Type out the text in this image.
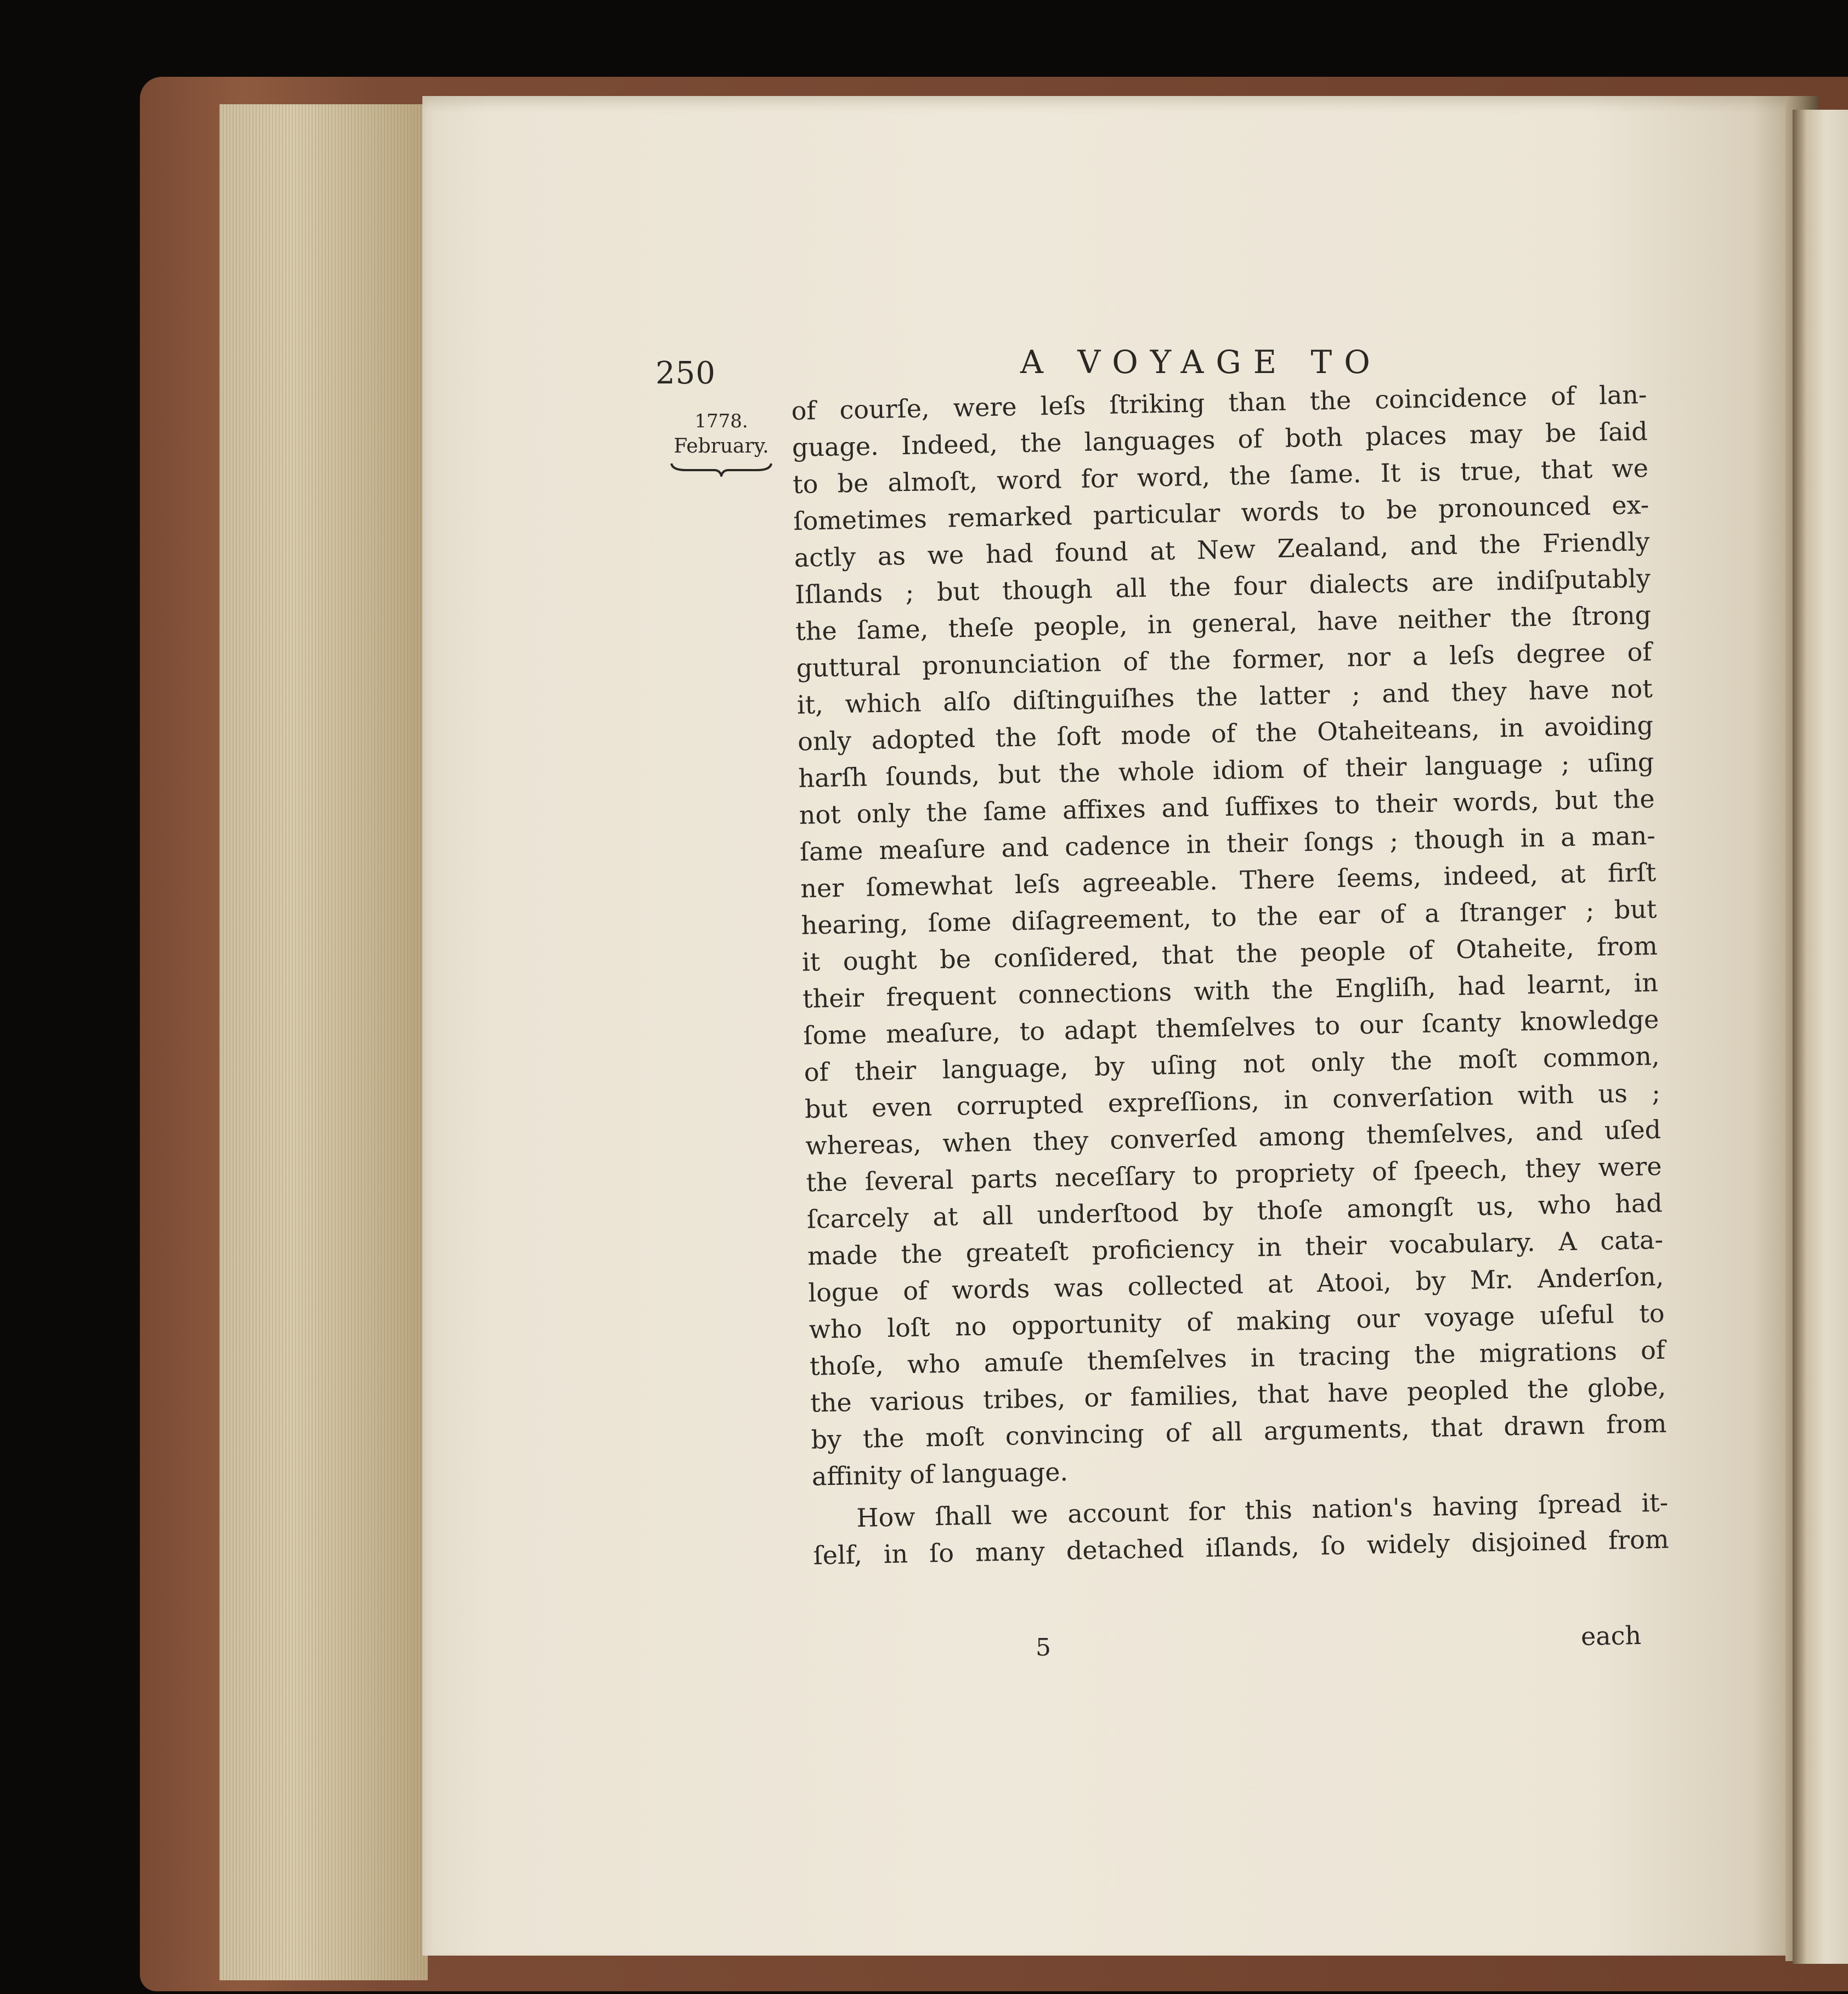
250	A VOYAGE TO
1778.
February.
of courſe, were leſs ſtriking than the coincidence of lan-
guage. Indeed, the languages of both places may be ſaid
to be almoſt, word for word, the ſame. It is true, that we
ſometimes remarked particular words to be pronounced ex-
actly as we had found at New Zealand, and the Friendly
Iſlands ; but though all the four dialects are indiſputably
the ſame, theſe people, in general, have neither the ſtrong
guttural pronunciation of the former, nor a leſs degree of
it, which alſo diſtinguiſhes the latter ; and they have not
only adopted the ſoft mode of the Otaheiteans, in avoiding
harſh ſounds, but the whole idiom of their language ; uſing
not only the ſame affixes and ſuffixes to their words, but the
ſame meaſure and cadence in their ſongs ; though in a man-
ner ſomewhat leſs agreeable. There ſeems, indeed, at firſt
hearing, ſome diſagreement, to the ear of a ſtranger ; but
it ought be conſidered, that the people of Otaheite, from
their frequent connections with the Engliſh, had learnt, in
ſome meaſure, to adapt themſelves to our ſcanty knowledge
of their language, by uſing not only the moſt common,
but even corrupted expreſſions, in converſation with us ;
whereas, when they converſed among themſelves, and uſed
the ſeveral parts neceſſary to propriety of ſpeech, they were
ſcarcely at all underſtood by thoſe amongſt us, who had
made the greateſt proficiency in their vocabulary. A cata-
logue of words was collected at Atooi, by Mr. Anderſon,
who loſt no opportunity of making our voyage uſeful to
thoſe, who amuſe themſelves in tracing the migrations of
the various tribes, or families, that have peopled the globe,
by the moſt convincing of all arguments, that drawn from
affinity of language.
How ſhall we account for this nation's having ſpread it-
ſelf, in ſo many detached iſlands, ſo widely disjoined from
5	each
